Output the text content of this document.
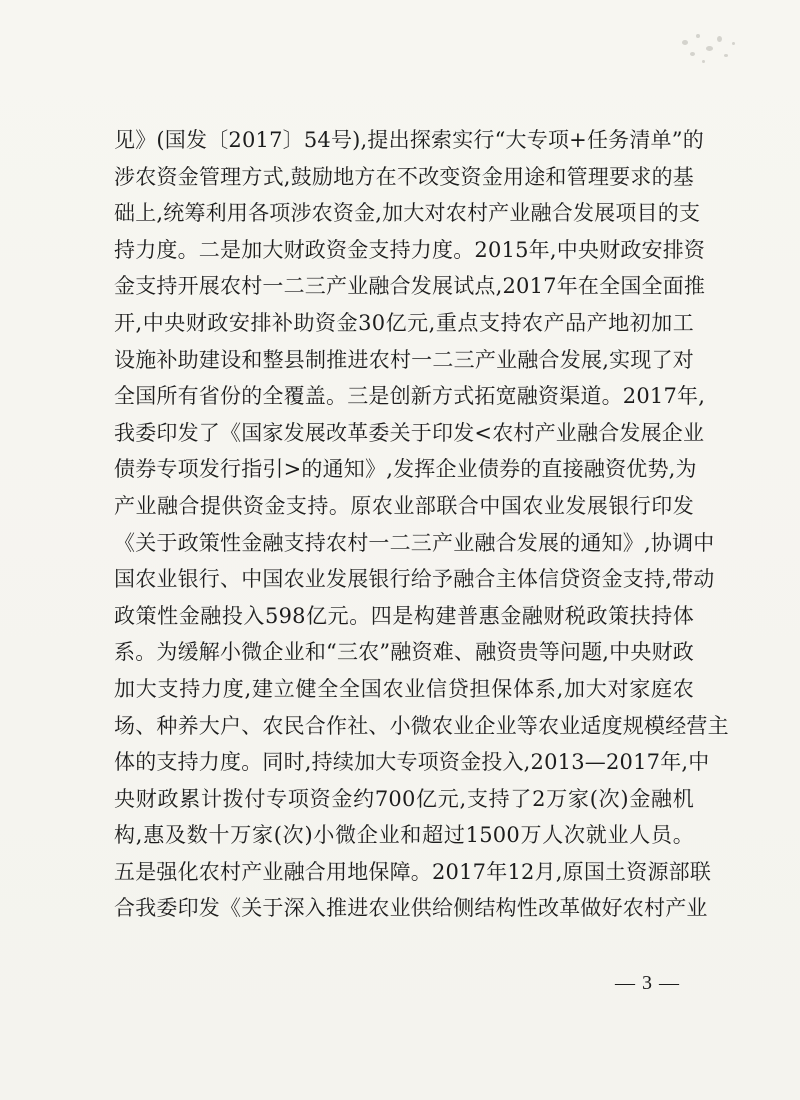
见》(国发〔2017〕54号),提出探索实行“大专项+任务清单”的
涉农资金管理方式,鼓励地方在不改变资金用途和管理要求的基
础上,统筹利用各项涉农资金,加大对农村产业融合发展项目的支
持力度。二是加大财政资金支持力度。2015年,中央财政安排资
金支持开展农村一二三产业融合发展试点,2017年在全国全面推
开,中央财政安排补助资金30亿元,重点支持农产品产地初加工
设施补助建设和整县制推进农村一二三产业融合发展,实现了对
全国所有省份的全覆盖。三是创新方式拓宽融资渠道。2017年,
我委印发了《国家发展改革委关于印发<农村产业融合发展企业
债券专项发行指引>的通知》,发挥企业债券的直接融资优势,为
产业融合提供资金支持。原农业部联合中国农业发展银行印发
《关于政策性金融支持农村一二三产业融合发展的通知》,协调中
国农业银行、中国农业发展银行给予融合主体信贷资金支持,带动
政策性金融投入598亿元。四是构建普惠金融财税政策扶持体
系。为缓解小微企业和“三农”融资难、融资贵等问题,中央财政
加大支持力度,建立健全全国农业信贷担保体系,加大对家庭农
场、种养大户、农民合作社、小微农业企业等农业适度规模经营主
体的支持力度。同时,持续加大专项资金投入,2013—2017年,中
央财政累计拨付专项资金约700亿元,支持了2万家(次)金融机
构,惠及数十万家(次)小微企业和超过1500万人次就业人员。
五是强化农村产业融合用地保障。2017年12月,原国土资源部联
合我委印发《关于深入推进农业供给侧结构性改革做好农村产业
— 3 —
